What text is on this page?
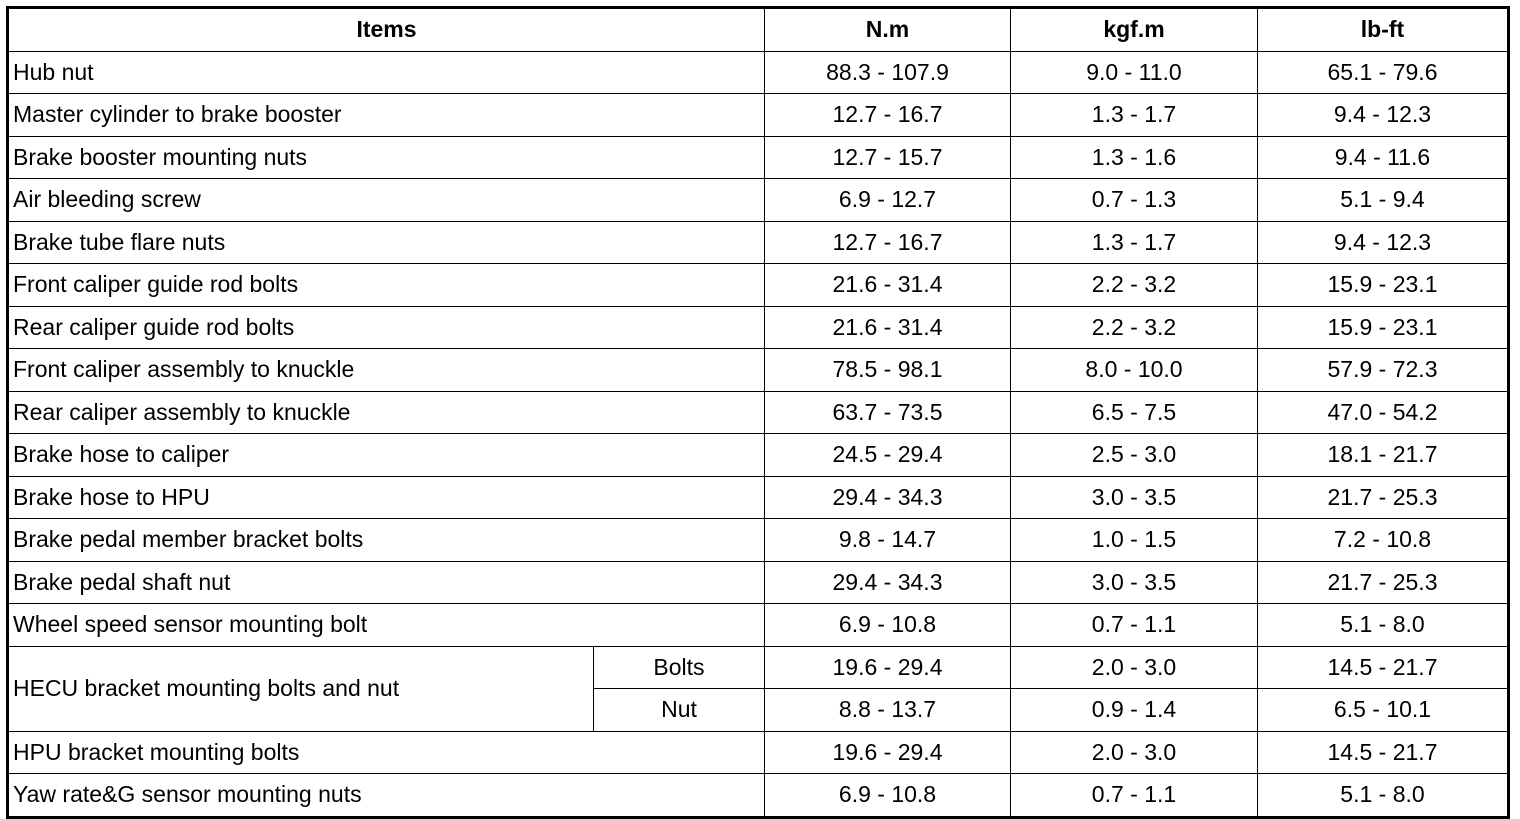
Items		N.m	kgf.m	lb-ft
Hub nut		88.3 - 107.9	9.0 - 11.0	65.1 - 79.6
Master cylinder to brake booster		12.7 - 16.7	1.3 - 1.7	9.4 - 12.3
Brake booster mounting nuts		12.7 - 15.7	1.3 - 1.6	9.4 - 11.6
Air bleeding screw		6.9 - 12.7	0.7 - 1.3	5.1 - 9.4
Brake tube flare nuts		12.7 - 16.7	1.3 - 1.7	9.4 - 12.3
Front caliper guide rod bolts		21.6 - 31.4	2.2 - 3.2	15.9 - 23.1
Rear caliper guide rod bolts		21.6 - 31.4	2.2 - 3.2	15.9 - 23.1
Front caliper assembly to knuckle		78.5 - 98.1	8.0 - 10.0	57.9 - 72.3
Rear caliper assembly to knuckle		63.7 - 73.5	6.5 - 7.5	47.0 - 54.2
Brake hose to caliper		24.5 - 29.4	2.5 - 3.0	18.1 - 21.7
Brake hose to HPU		29.4 - 34.3	3.0 - 3.5	21.7 - 25.3
Brake pedal member bracket bolts		9.8 - 14.7	1.0 - 1.5	7.2 - 10.8
Brake pedal shaft nut		29.4 - 34.3	3.0 - 3.5	21.7 - 25.3
Wheel speed sensor mounting bolt		6.9 - 10.8	0.7 - 1.1	5.1 - 8.0
HECU bracket mounting bolts and nut	Bolts	19.6 - 29.4	2.0 - 3.0	14.5 - 21.7
	Nut	8.8 - 13.7	0.9 - 1.4	6.5 - 10.1
HPU bracket mounting bolts		19.6 - 29.4	2.0 - 3.0	14.5 - 21.7
Yaw rate&G sensor mounting nuts		6.9 - 10.8	0.7 - 1.1	5.1 - 8.0
